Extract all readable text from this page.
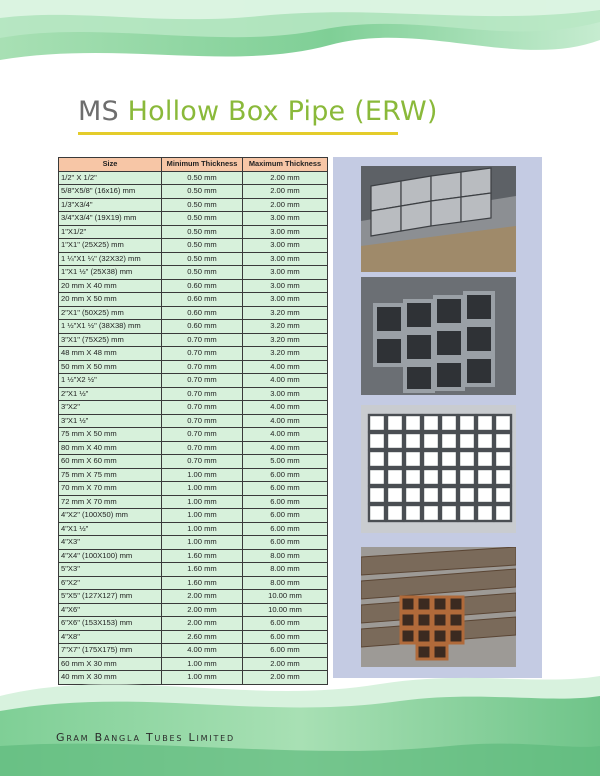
MS Hollow Box Pipe (ERW)
Size	Minimum Thickness	Maximum Thickness
1/2" X 1/2"	0.50 mm	2.00 mm
5/8"X5/8" (16x16) mm	0.50 mm	2.00 mm
1/3"X3/4"	0.50 mm	2.00 mm
3/4"X3/4" (19X19) mm	0.50 mm	3.00 mm
1"X1/2"	0.50 mm	3.00 mm
1"X1" (25X25) mm	0.50 mm	3.00 mm
1 ¼"X1 ¼" (32X32) mm	0.50 mm	3.00 mm
1"X1 ½" (25X38) mm	0.50 mm	3.00 mm
20 mm X 40 mm	0.60 mm	3.00 mm
20 mm X 50 mm	0.60 mm	3.00 mm
2"X1" (50X25) mm	0.60 mm	3.20 mm
1 ½"X1 ½" (38X38) mm	0.60 mm	3.20 mm
3"X1" (75X25) mm	0.70 mm	3.20 mm
48 mm X 48 mm	0.70 mm	3.20 mm
50 mm X 50 mm	0.70 mm	4.00 mm
1 ½"X2 ½"	0.70 mm	4.00 mm
2"X1 ½"	0.70 mm	3.00 mm
3"X2"	0.70 mm	4.00 mm
3"X1 ½"	0.70 mm	4.00 mm
75 mm X 50 mm	0.70 mm	4.00 mm
80 mm X 40 mm	0.70 mm	4.00 mm
60 mm X 60 mm	0.70 mm	5.00 mm
75 mm X 75 mm	1.00 mm	6.00 mm
70 mm X 70 mm	1.00 mm	6.00 mm
72 mm X 70 mm	1.00 mm	6.00 mm
4"X2" (100X50) mm	1.00 mm	6.00 mm
4"X1 ½"	1.00 mm	6.00 mm
4"X3"	1.00 mm	6.00 mm
4"X4" (100X100) mm	1.60 mm	8.00 mm
5"X3"	1.60 mm	8.00 mm
6"X2"	1.60 mm	8.00 mm
5"X5" (127X127) mm	2.00 mm	10.00 mm
4"X6"	2.00 mm	10.00 mm
6"X6" (153X153) mm	2.00 mm	6.00 mm
4"X8"	2.60 mm	6.00 mm
7"X7" (175X175) mm	4.00 mm	6.00 mm
60 mm X 30 mm	1.00 mm	2.00 mm
40 mm X 30 mm	1.00 mm	2.00 mm
Gram Bangla Tubes Limited
